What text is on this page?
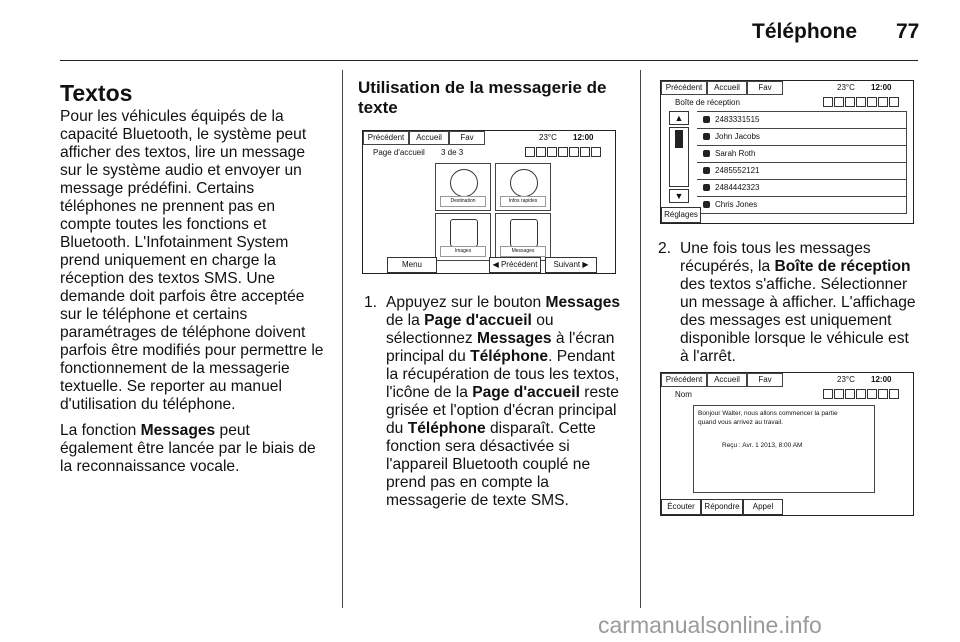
Téléphone 77
Textos

Pour les véhicules équipés de la capacité Bluetooth, le système peut afficher des textos, lire un message sur le système audio et envoyer un message prédéfini. Certains téléphones ne prennent pas en compte toutes les fonctions et Bluetooth. L'Infotainment System prend uniquement en charge la réception des textos SMS. Une demande doit parfois être acceptée sur le téléphone et certains paramétrages de téléphone doivent parfois être modifiés pour permettre le fonctionnement de la messagerie textuelle. Se reporter au manuel d'utilisation du téléphone.

La fonction Messages peut également être lancée par le biais de la reconnaissance vocale.

Utilisation de la messagerie de texte
Précédent	Accueil	Fav	23°C 12:00
Page d'accueil 3 de 3
Destination	Infos rapides
Images	Messages
Menu	◀ Précédent	Suivant ▶
1. Appuyez sur le bouton Messages de la Page d'accueil ou sélectionnez Messages à l'écran principal du Téléphone. Pendant la récupération de tous les textos, l'icône de la Page d'accueil reste grisée et l'option d'écran principal du Téléphone disparaît. Cette fonction sera désactivée si l'appareil Bluetooth couplé ne prend pas en compte la messagerie de texte SMS.
Précédent	Accueil	Fav	23°C 12:00
Boîte de réception
▲
▼
2483331515
John Jacobs
Sarah Roth
2485552121
2484442323
Chris Jones
Réglages
2. Une fois tous les messages récupérés, la Boîte de réception des textos s'affiche. Sélectionner un message à afficher. L'affichage des messages est uniquement disponible lorsque le véhicule est à l'arrêt.
Précédent	Accueil	Fav	23°C 12:00
Nom
Bonjour Walter, nous allons commencer la partie
quand vous arrivez au travail.
Reçu : Avr. 1 2013, 8:00 AM
Écouter	Répondre	Appel
carmanualsonline.info
